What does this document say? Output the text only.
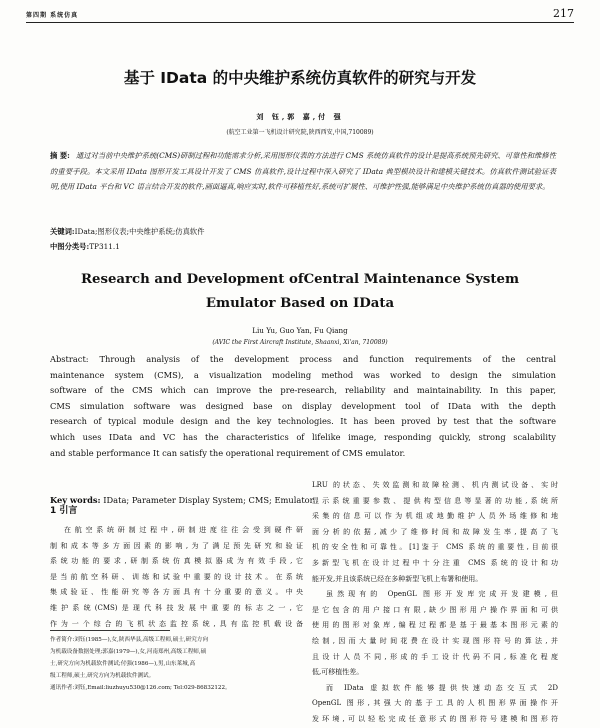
第四期 系统仿真	217
基于 IData 的中央维护系统仿真软件的研究与开发
刘 钰,郭 嘉,付 强
(航空工业第一飞机设计研究院,陕西西安,中国,710089)
摘 要: 通过对当前中央维护系统(CMS)研制过程和功能需求分析,采用图形仪表的方法进行 CMS 系统仿真软件的设计是提高系统预先研究、可靠性和维修性的重要手段。本文采用 IData 图形开发工具设计开发了 CMS 仿真软件,设计过程中深入研究了 IData 典型模块设计和建模关键技术。仿真软件测试验证表明,使用 IData 平台和 VC 语言结合开发的软件,画面逼真,响应实时,软件可移植性好,系统可扩展性、可维护性强,能够满足中央维护系统仿真器的使用要求。
关键词:IData;图形仪表;中央维护系统;仿真软件
中图分类号:TP311.1
Research and Development ofCentral Maintenance System
Emulator Based on IData
Liu Yu, Guo Yan, Fu Qiang
(AVIC the First Aircraft Institute, Shaanxi, Xi'an, 710089)
Abstract: Through analysis of the development process and function requirements of the central
maintenance system (CMS), a visualization modeling method was worked to design the simulation
software of the CMS which can improve the pre-research, reliability and maintainability. In this paper,
CMS simulation software was designed base on display development tool of IData with the depth
research of typical module design and the key technologies. It has been proved by test that the software
which uses IData and VC has the characteristics of lifelike image, responding quickly, strong scalability
and stable performance It can satisfy the operational requirement of CMS emulator.
Key words: IData; Parameter Display System; CMS; Emulator
1 引言
在航空系统研制过程中,研制进度往往会受到硬件研
制和成本等多方面因素的影响,为了满足预先研究和验证
系统功能的要求,研制系统仿真模拟器成为有效手段,它
是当前航空科研、训练和试验中重要的设计技术。在系统
集成验证、性能研究等各方面具有十分重要的意义。中央
维护系统(CMS)是现代科技发展中重要的标志之一,它
作为一个综合的飞机状态监控系统,具有监控机载设备
作者简介:刘钰(1985—),女,陕西华县,高级工程师,硕士,研究方向
为机载设备数据处理;郭嘉(1979—),女,河南郑州,高级工程师,硕
士,研究方向为机载软件测试;付强(1986—),男,山东莱城,高
级工程师,硕士,研究方向为机载软件测试。
通讯作者:刘钰,Email:liuzhuyu530@126.com; Tel:029-86832122。
LRU 的状态、失效监测和故障检测、机内测试设备、实时
显示系统重要参数、提供构型信息等显著的功能,系统所
采集的信息可以作为机组或地勤维护人员外场维修和地
面分析的依据,减少了维修时间和故障发生率,提高了飞
机的安全性和可靠性。[1]鉴于 CMS 系统的重要性,目前很
多新型飞机在设计过程中十分注重 CMS 系统的设计和功
能开发,并且该系统已经在多种新型飞机上布署和使用。
虽然现有的 OpenGL 图形开发库完成开发建模,但
是它包含的用户接口有限,缺少图形用户操作界面和可供
使用的图形对象库,编程过程都是基于最基本图形元素的
绘制,因而大量时间花费在设计实现图形符号的算法,并
且设计人员不同,形成的手工设计代码不同,标准化程度
低,可移植性差。
而 IData 虚拟软件能够提供快速动态交互式 2D
OpenGL 图形,其强大的基于工具的人机图形界面操作开
发环境,可以轻松完成任意形式的图形符号建模和图形符
